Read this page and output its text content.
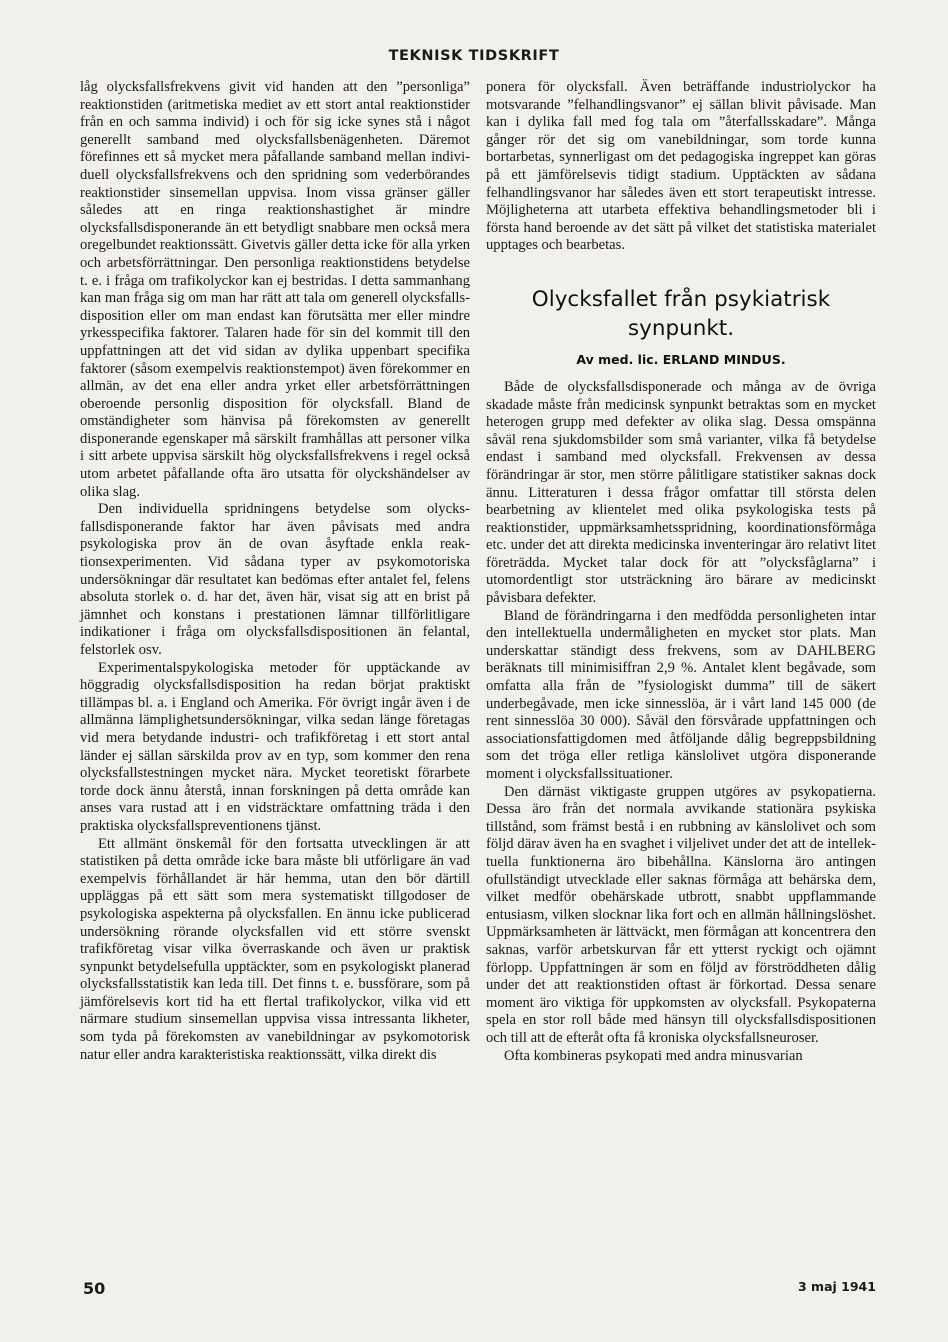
TEKNISK TIDSKRIFT

låg olycksfallsfrekvens givit vid handen att den ”personliga” reaktionstiden (aritmetiska mediet av ett stort antal reaktionstider från en och samma individ) i och för sig icke synes stå i något generellt samband med olycksfallsbenägenheten. Däremot förefinnes ett så mycket mera påfallande samband mellan individuell olycksfallsfrekvens och den spridning som vederbörandes reaktionstider sinsemellan uppvisa. Inom vissa gränser gäller således att en ringa reaktionshastighet är mindre olycksfallsdisponerande än ett betydligt snabbare men också mera oregelbundet reaktionssätt. Givetvis gäller detta icke för alla yrken och arbetsförrättningar. Den personliga reaktionstidens betydelse t. e. i fråga om trafikolyckor kan ej bestridas. I detta sammanhang kan man fråga sig om man har rätt att tala om generell olycksfallsdisposition eller om man endast kan förutsätta mer eller mindre yrkesspecifika faktorer. Talaren hade för sin del kommit till den uppfattningen att det vid sidan av dylika uppenbart specifika faktorer (såsom exempelvis reaktionstempot) även förekommer en allmän, av det ena eller andra yrket eller arbetsförrättningen oberoende personlig disposition för olycksfall. Bland de omständigheter som hänvisa på förekomsten av generellt disponerande egenskaper må särskilt framhållas att personer vilka i sitt arbete uppvisa särskilt hög olycksfallsfrekvens i regel också utom arbetet påfallande ofta äro utsatta för olyckshändelser av olika slag.

Den individuella spridningens betydelse som olycksfallsdisponerande faktor har även påvisats med andra psykologiska prov än de ovan åsyftade enkla reaktionsexperimenten. Vid sådana typer av psykomotoriska undersökningar där resultatet kan bedömas efter antalet fel, felens absoluta storlek o. d. har det, även här, visat sig att en brist på jämnhet och konstans i prestationen lämnar tillförlitligare indikationer i fråga om olycksfallsdispositionen än felantal, felstorlek osv.

Experimentalspykologiska metoder för upptäckande av höggradig olycksfallsdisposition ha redan börjat praktiskt tillämpas bl. a. i England och Amerika. För övrigt ingår även i de allmänna lämplighetsundersökningar, vilka sedan länge företagas vid mera betydande industri- och trafikföretag i ett stort antal länder ej sällan särskilda prov av en typ, som kommer den rena olycksfallstestningen mycket nära. Mycket teoretiskt förarbete torde dock ännu återstå, innan forskningen på detta område kan anses vara rustad att i en vidsträcktare omfattning träda i den praktiska olycksfallspreventionens tjänst.

Ett allmänt önskemål för den fortsatta utvecklingen är att statistiken på detta område icke bara måste bli utförligare än vad exempelvis förhållandet är här hemma, utan den bör därtill uppläggas på ett sätt som mera systematiskt tillgodoser de psykologiska aspekterna på olycksfallen. En ännu icke publicerad undersökning rörande olycksfallen vid ett större svenskt trafikföretag visar vilka överraskande och även ur praktisk synpunkt betydelsefulla upptäckter, som en psykologiskt planerad olycksfallsstatistik kan leda till. Det finns t. e. bussförare, som på jämförelsevis kort tid ha ett flertal trafikolyckor, vilka vid ett närmare studium sinsemellan uppvisa vissa intressanta likheter, som tyda på förekomsten av vanebildningar av psykomotorisk natur eller andra karakteristiska reaktionssätt, vilka direkt dis

ponera för olycksfall. Även beträffande industriolyckor ha motsvarande ”felhandlingsvanor” ej sällan blivit påvisade. Man kan i dylika fall med fog tala om ”återfallsskadare”. Många gånger rör det sig om vanebildningar, som torde kunna bortarbetas, synnerligast om det pedagogiska ingreppet kan göras på ett jämförelsevis tidigt stadium. Upptäckten av sådana felhandlingsvanor har således även ett stort terapeutiskt intresse. Möjligheterna att utarbeta effektiva behandlingsmetoder bli i första hand beroende av det sätt på vilket det statistiska materialet upptages och bearbetas.

Olycksfallet från psykiatrisk synpunkt.
Av med. lic. ERLAND MINDUS.

Både de olycksfallsdisponerade och många av de övriga skadade måste från medicinsk synpunkt betraktas som en mycket heterogen grupp med defekter av olika slag. Dessa omspänna såväl rena sjukdomsbilder som små varianter, vilka få betydelse endast i samband med olycksfall. Frekvensen av dessa förändringar är stor, men större pålitligare statistiker saknas dock ännu. Litteraturen i dessa frågor omfattar till största delen bearbetning av klientelet med olika psykologiska tests på reaktionstider, uppmärksamhetsspridning, koordinationsförmåga etc. under det att direkta medicinska inventeringar äro relativt litet företrädda. Mycket talar dock för att ”olycksfåglarna” i utomordentligt stor utsträckning äro bärare av medicinskt påvisbara defekter.

Bland de förändringarna i den medfödda personligheten intar den intellektuella undermåligheten en mycket stor plats. Man underskattar ständigt dess frekvens, som av DAHLBERG beräknats till minimisiffran 2,9 %. Antalet klent begåvade, som omfatta alla från de ”fysiologiskt dumma” till de säkert underbegåvade, men icke sinnesslöa, är i vårt land 145 000 (de rent sinnesslöa 30 000). Såväl den försvårade uppfattningen och associationsfattigdomen med åtföljande dålig begreppsbildning som det tröga eller retliga känslolivet utgöra disponerande moment i olycksfallssituationer.

Den därnäst viktigaste gruppen utgöres av psykopatierna. Dessa äro från det normala avvikande stationära psykiska tillstånd, som främst bestå i en rubbning av känslolivet och som följd därav även ha en svaghet i viljelivet under det att de intellektuella funktionerna äro bibehållna. Känslorna äro antingen ofullständigt utvecklade eller saknas förmåga att behärska dem, vilket medför obehärskade utbrott, snabbt uppflammande entusiasm, vilken slocknar lika fort och en allmän hållningslöshet. Uppmärksamheten är lättväckt, men förmågan att koncentrera den saknas, varför arbetskurvan får ett ytterst ryckigt och ojämnt förlopp. Uppfattningen är som en följd av förströddheten dålig under det att reaktionstiden oftast är förkortad. Dessa senare moment äro viktiga för uppkomsten av olycksfall. Psykopaterna spela en stor roll både med hänsyn till olycksfallsdispositionen och till att de efteråt ofta få kroniska olycksfallsneuroser.

Ofta kombineras psykopati med andra minusvarian

50	3 maj 1941
